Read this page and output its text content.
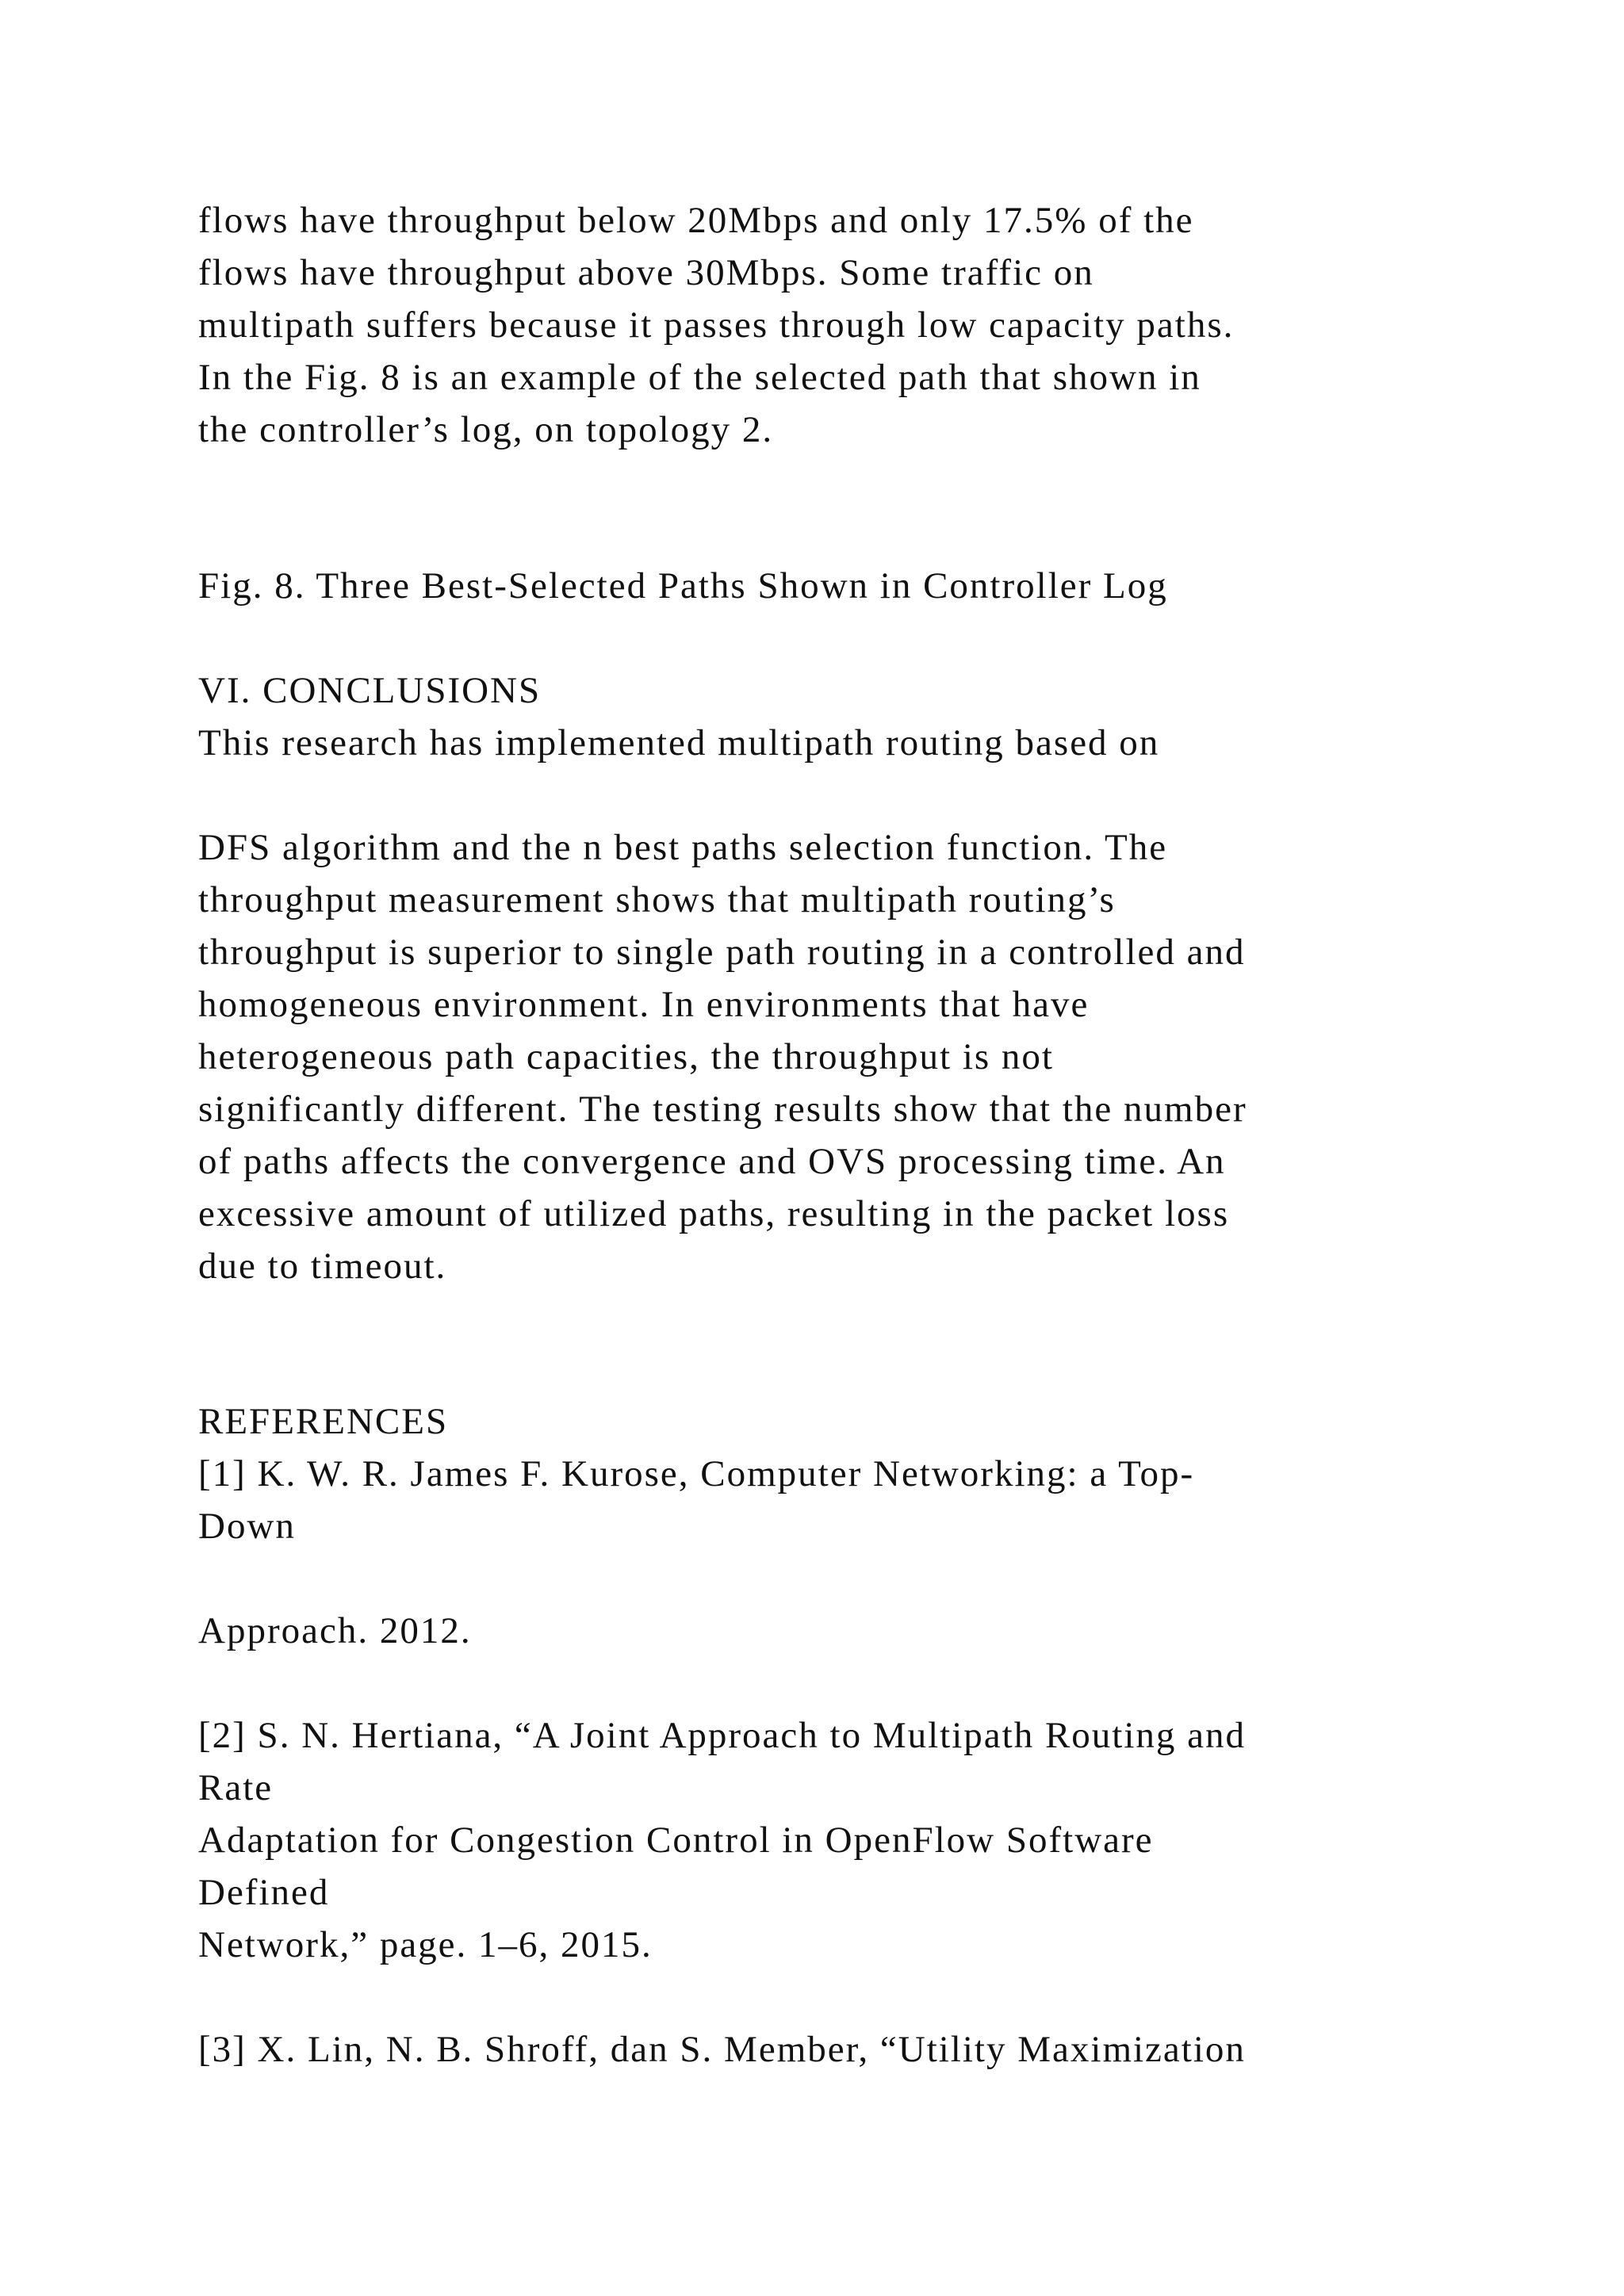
flows have throughput below 20Mbps and only 17.5% of the

flows have throughput above 30Mbps. Some traffic on

multipath suffers because it passes through low capacity paths.

In the Fig. 8 is an example of the selected path that shown in

the controller’s log, on topology 2.

Fig. 8. Three Best-Selected Paths Shown in Controller Log

VI. CONCLUSIONS

This research has implemented multipath routing based on

DFS algorithm and the n best paths selection function. The

throughput measurement shows that multipath routing’s

throughput is superior to single path routing in a controlled and

homogeneous environment. In environments that have

heterogeneous path capacities, the throughput is not

significantly different. The testing results show that the number

of paths affects the convergence and OVS processing time. An

excessive amount of utilized paths, resulting in the packet loss

due to timeout.

REFERENCES

[1] K. W. R. James F. Kurose, Computer Networking: a Top-

Down

Approach. 2012.

[2] S. N. Hertiana, “A Joint Approach to Multipath Routing and

Rate

Adaptation for Congestion Control in OpenFlow Software

Defined

Network,” page. 1–6, 2015.

[3] X. Lin, N. B. Shroff, dan S. Member, “Utility Maximization
